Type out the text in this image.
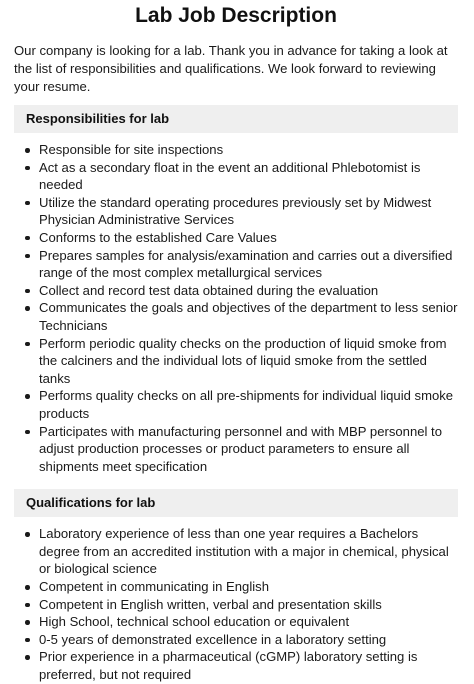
Lab Job Description

Our company is looking for a lab. Thank you in advance for taking a look at the list of responsibilities and qualifications. We look forward to reviewing your resume.

Responsibilities for lab
Responsible for site inspections
Act as a secondary float in the event an additional Phlebotomist is needed
Utilize the standard operating procedures previously set by Midwest Physician Administrative Services
Conforms to the established Care Values
Prepares samples for analysis/examination and carries out a diversified range of the most complex metallurgical services
Collect and record test data obtained during the evaluation
Communicates the goals and objectives of the department to less senior Technicians
Perform periodic quality checks on the production of liquid smoke from the calciners and the individual lots of liquid smoke from the settled tanks
Performs quality checks on all pre-shipments for individual liquid smoke products
Participates with manufacturing personnel and with MBP personnel to adjust production processes or product parameters to ensure all shipments meet specification
Qualifications for lab
Laboratory experience of less than one year requires a Bachelors degree from an accredited institution with a major in chemical, physical or biological science
Competent in communicating in English
Competent in English written, verbal and presentation skills
High School, technical school education or equivalent
0-5 years of demonstrated excellence in a laboratory setting
Prior experience in a pharmaceutical (cGMP) laboratory setting is preferred, but not required
